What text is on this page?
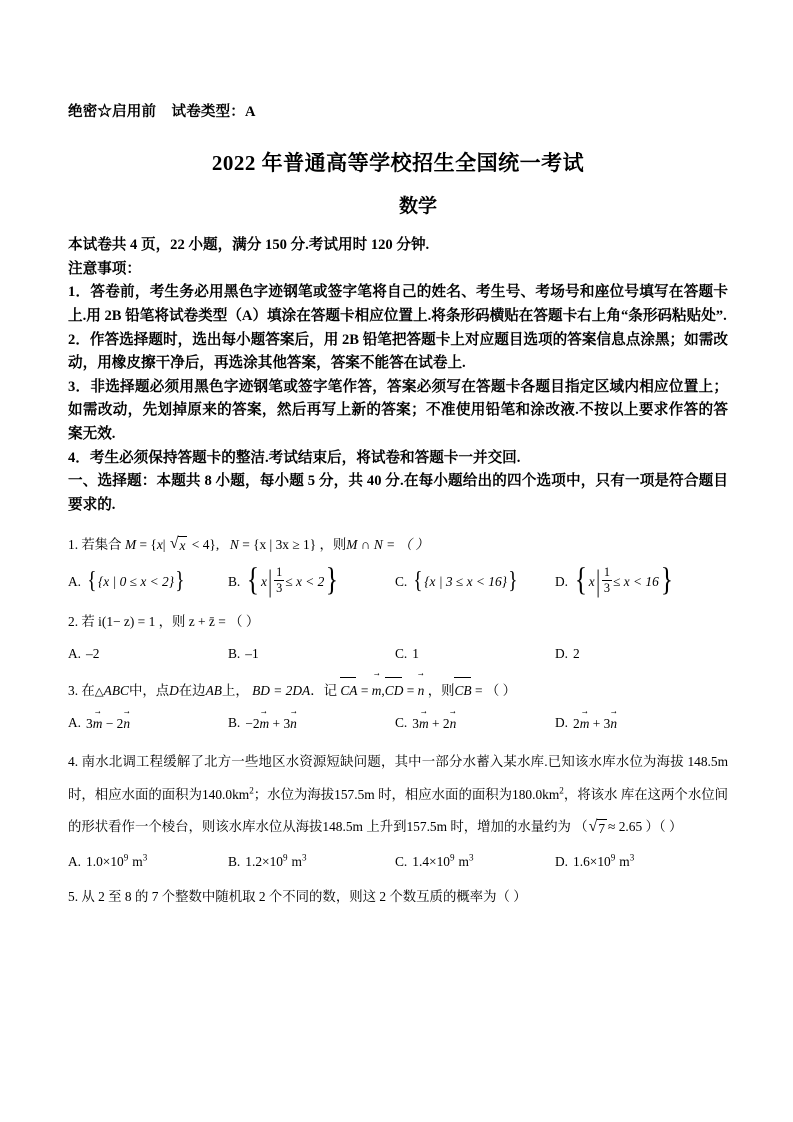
绝密☆启用前    试卷类型：A
2022 年普通高等学校招生全国统一考试
数学
本试卷共 4 页，22 小题，满分 150 分.考试用时 120 分钟.
注意事项：
1．答卷前，考生务必用黑色字迹钢笔或签字笔将自己的姓名、考生号、考场号和座位号填写在答题卡上.用 2B 铅笔将试卷类型（A）填涂在答题卡相应位置上.将条形码横贴在答题卡右上角“条形码粘贴处”.
2．作答选择题时，选出每小题答案后，用 2B 铅笔把答题卡上对应题目选项的答案信息点涂黑；如需改动，用橡皮擦干净后，再选涂其他答案，答案不能答在试卷上.
3．非选择题必须用黑色字迹钢笔或签字笔作答，答案必须写在答题卡各题目指定区域内相应位置上；如需改动，先划掉原来的答案，然后再写上新的答案；不准使用铅笔和涂改液.不按以上要求作答的答案无效.
4．考生必须保持答题卡的整洁.考试结束后，将试卷和答题卡一并交回.
一、选择题：本题共 8 小题，每小题 5 分，共 40 分.在每小题给出的四个选项中，只有一项是符合题目要求的.
1. 若集合 M = {x| √ x < 4}, N = {x | 3x ≥ 1} ，则M ∩ N = （ ）
A. { {x | 0 ≤ x < 2} }	B. { x | $\frac{1}{3} \le x < 2$ }	C. { {x | 3 ≤ x < 16} }	D. { x | $\frac{1}{3} \le x < 16$ }
2. 若 i(1− z) = 1 ，则 z + z̄ = （ ）
A. –2	B. –1	C. 1	D. 2
3. 在△ABC中，点D在边AB上， BD = 2DA．记 CA = → m,CD = → n ，则CB = （ ）
A. 3→ m − 2→ n	B. −2→ m + 3→ n	C. 3→ m + 2→ n	D. 2→ m + 3→ n
4. 南水北调工程缓解了北方一些地区水资源短缺问题，其中一部分水蓄入某水库.已知该水库水位为海拔 148.5m 时，相应水面的面积为$140.0km^2$；水位为海拔157.5m 时，相应水面的面积为$180.0km^2$，将该水 库在这两个水位间的形状看作一个棱台，则该水库水位从海拔148.5m 上升到157.5m 时，增加的水量约为 （ √ 7 ≈ 2.65 ）（ ）
A. $1.0\times 10^9$ $m^3$	B. $1.2\times 10^9$ $m^3$	C. $1.4\times 10^9$ $m^3$	D. $1.6\times 10^9$ $m^3$
5. 从 2 至 8 的 7 个整数中随机取 2 个不同的数，则这 2 个数互质的概率为（ ）
